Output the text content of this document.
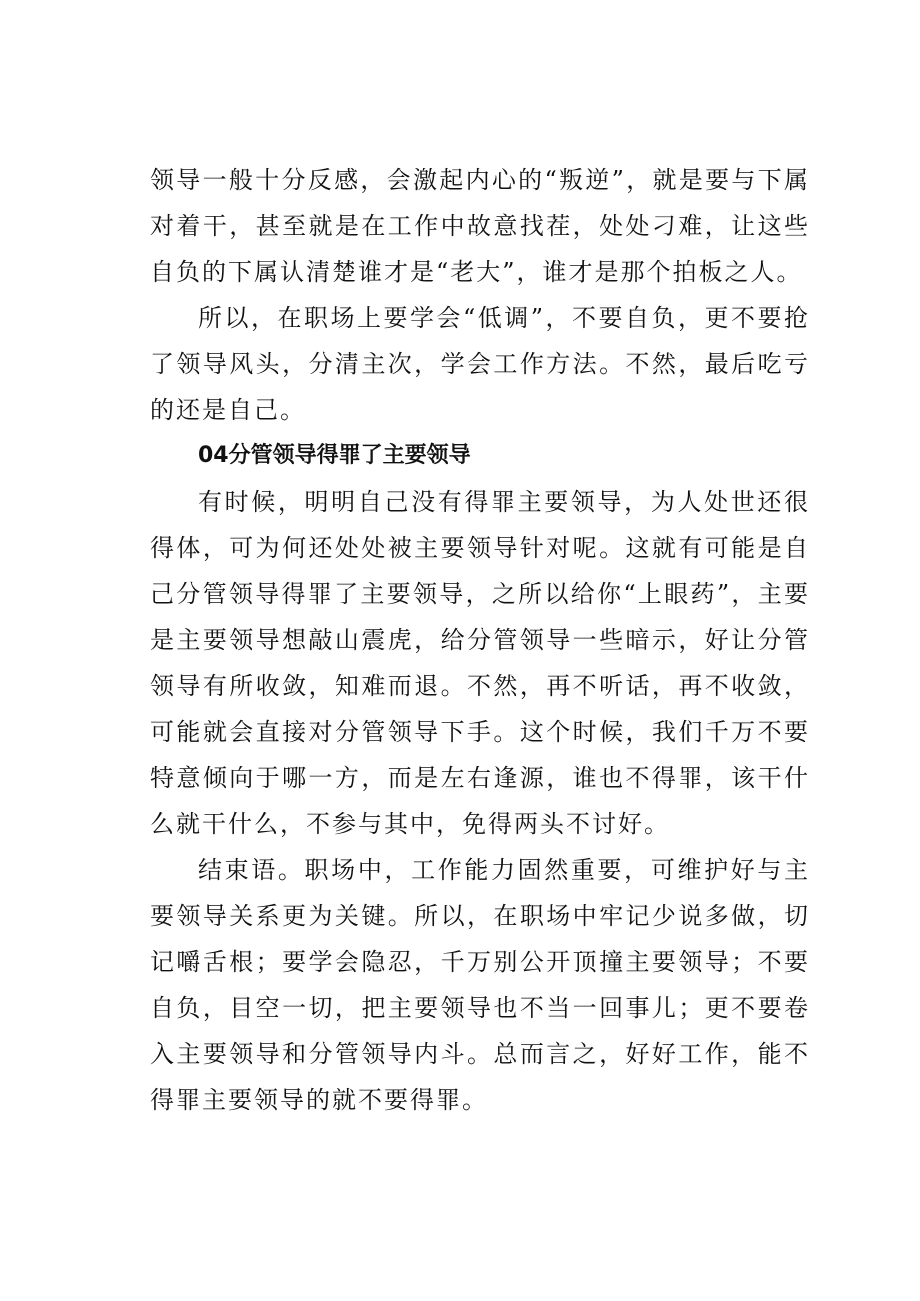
领导一般十分反感，会激起内心的“叛逆”，就是要与下属对着干，甚至就是在工作中故意找茬，处处刁难，让这些自负的下属认清楚谁才是“老大”，谁才是那个拍板之人。

所以，在职场上要学会“低调”，不要自负，更不要抢了领导风头，分清主次，学会工作方法。不然，最后吃亏的还是自己。

04分管领导得罪了主要领导

有时候，明明自己没有得罪主要领导，为人处世还很得体，可为何还处处被主要领导针对呢。这就有可能是自己分管领导得罪了主要领导，之所以给你“上眼药”，主要是主要领导想敲山震虎，给分管领导一些暗示，好让分管领导有所收敛，知难而退。不然，再不听话，再不收敛，可能就会直接对分管领导下手。这个时候，我们千万不要特意倾向于哪一方，而是左右逢源，谁也不得罪，该干什么就干什么，不参与其中，免得两头不讨好。

结束语。职场中，工作能力固然重要，可维护好与主要领导关系更为关键。所以，在职场中牢记少说多做，切记嚼舌根；要学会隐忍，千万别公开顶撞主要领导；不要自负，目空一切，把主要领导也不当一回事儿；更不要卷入主要领导和分管领导内斗。总而言之，好好工作，能不得罪主要领导的就不要得罪。
